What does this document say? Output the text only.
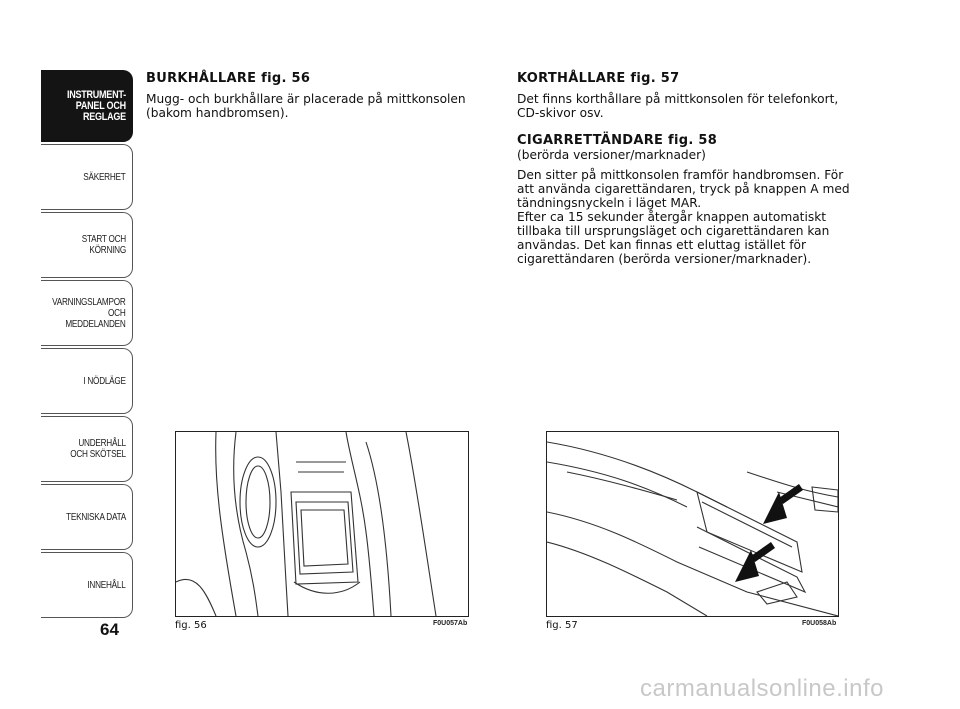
INSTRUMENT-
PANEL OCH
REGLAGE
SÄKERHET
START OCH
KÖRNING
VARNINGSLAMPOR
OCH
MEDDELANDEN
I NÖDLÄGE
UNDERHÅLL
OCH SKÖTSEL
TEKNISKA DATA
INNEHÅLL
64
BURKHÅLLARE fig. 56

Mugg- och burkhållare är placerade på mittkonsolen (bakom handbromsen).

KORTHÅLLARE fig. 57

Det finns korthållare på mittkonsolen för telefonkort, CD-skivor osv.

CIGARRETTÄNDARE fig. 58
(berörda versioner/marknader)
Den sitter på mittkonsolen framför handbromsen. För att använda cigarettändaren, tryck på knappen A med tändningsnyckeln i läget MAR.
Efter ca 15 sekunder återgår knappen automatiskt tillbaka till ursprungsläget och cigarettändaren kan användas. Det kan finnas ett eluttag istället för cigarettändaren (berörda versioner/marknader).
fig. 56	F0U057Ab	fig. 57	F0U058Ab
carmanualsonline.info
